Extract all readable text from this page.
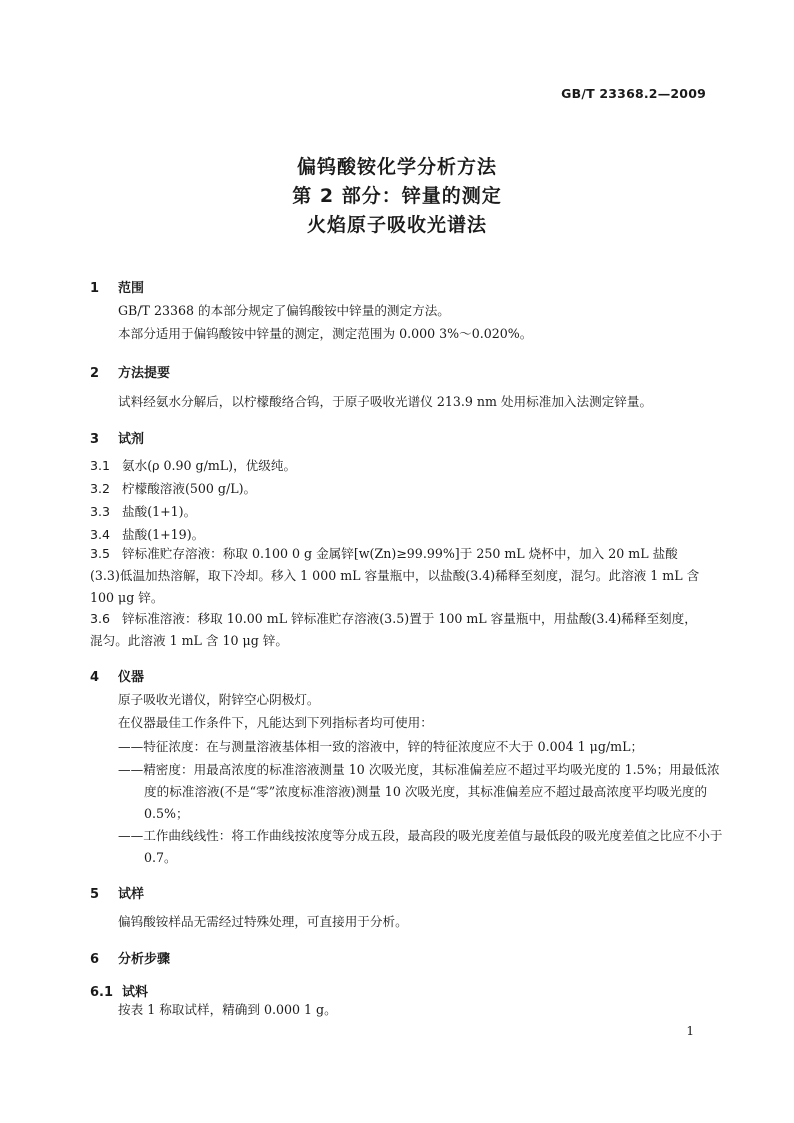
GB/T 23368.2—2009
偏钨酸铵化学分析方法
第 2 部分：锌量的测定
火焰原子吸收光谱法
1 范围
GB/T 23368 的本部分规定了偏钨酸铵中锌量的测定方法。
本部分适用于偏钨酸铵中锌量的测定，测定范围为 0.000 3%～0.020%。
2 方法提要
试料经氨水分解后，以柠檬酸络合钨，于原子吸收光谱仪 213.9 nm 处用标准加入法测定锌量。
3 试剂
3.1 氨水(ρ 0.90 g/mL)，优级纯。
3.2 柠檬酸溶液(500 g/L)。
3.3 盐酸(1+1)。
3.4 盐酸(1+19)。
3.5 锌标准贮存溶液：称取 0.100 0 g 金属锌[w(Zn)≥99.99%]于 250 mL 烧杯中，加入 20 mL 盐酸(3.3)低温加热溶解，取下冷却。移入 1 000 mL 容量瓶中，以盐酸(3.4)稀释至刻度，混匀。此溶液 1 mL 含 100 μg 锌。
3.6 锌标准溶液：移取 10.00 mL 锌标准贮存溶液(3.5)置于 100 mL 容量瓶中，用盐酸(3.4)稀释至刻度，混匀。此溶液 1 mL 含 10 μg 锌。
4 仪器
原子吸收光谱仪，附锌空心阴极灯。
在仪器最佳工作条件下，凡能达到下列指标者均可使用：
——特征浓度：在与测量溶液基体相一致的溶液中，锌的特征浓度应不大于 0.004 1 μg/mL；
——精密度：用最高浓度的标准溶液测量 10 次吸光度，其标准偏差应不超过平均吸光度的 1.5%；用最低浓度的标准溶液(不是“零”浓度标准溶液)测量 10 次吸光度，其标准偏差应不超过最高浓度平均吸光度的 0.5%；
——工作曲线线性：将工作曲线按浓度等分成五段，最高段的吸光度差值与最低段的吸光度差值之比应不小于 0.7。
5 试样
偏钨酸铵样品无需经过特殊处理，可直接用于分析。
6 分析步骤
6.1 试料
按表 1 称取试样，精确到 0.000 1 g。
1
